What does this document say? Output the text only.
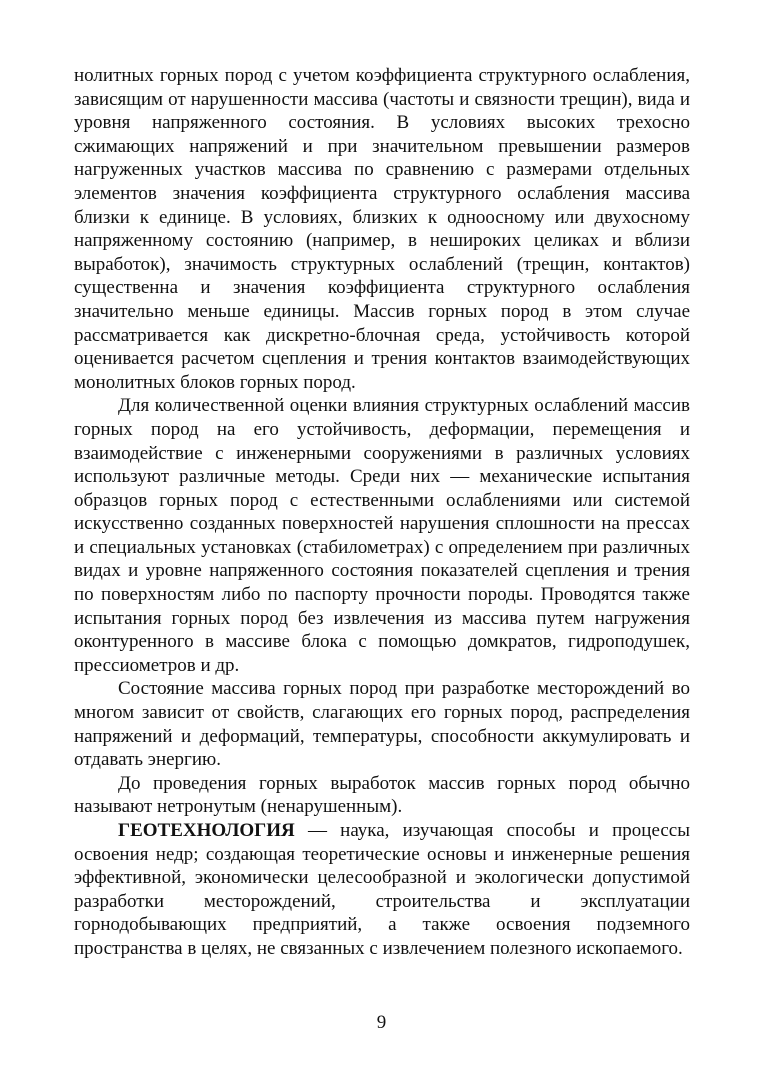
нолитных горных пород с учетом коэффициента структурного ослабления, зависящим от нарушенности массива (частоты и связности трещин), вида и уровня напряженного состояния. В условиях высоких трехосно сжимающих напряжений и при значительном превышении размеров нагруженных участков массива по сравнению с размерами отдельных элементов значения коэффициента структурного ослабления массива близки к единице. В условиях, близких к одноосному или двухосному напряженному состоянию (например, в неширoких целиках и вблизи выработок), значимость структурных ослаблений (трещин, контактов) существенна и значения коэффициента структурного ослабления значительно меньше единицы. Массив горных пород в этом случае рассматривается как дискретно-блочная среда, устойчивость которой оценивается расчетом сцепления и трения контактов взаимодействующих монолитных блоков горных пород.

Для количественной оценки влияния структурных ослаблений массив горных пород на его устойчивость, деформации, перемещения и взаимодействие с инженерными сооружениями в различных условиях используют различные методы. Среди них — механические испытания образцов горных пород с естественными ослаблениями или системой искусственно созданных поверхностей нарушения сплошности на прессах и специальных установках (стабилометрах) с определением при различных видах и уровне напряженного состояния показателей сцепления и трения по поверхностям либо по паспорту прочности породы. Проводятся также испытания горных пород без извлечения из массива путем нагружения оконтуренного в массиве блока с помощью домкратов, гидроподушек, прессиометров и др.

Состояние массива горных пород при разработке месторождений во многом зависит от свойств, слагающих его горных пород, распределения напряжений и деформаций, температуры, способности аккумулировать и отдавать энергию.

До проведения горных выработок массив горных пород обычно называют нетронутым (ненарушенным).

ГЕОТЕХНОЛОГИЯ — наука, изучающая способы и процессы освоения недр; создающая теоретические основы и инженерные решения эффективной, экономически целесообразной и экологически допустимой разработки месторождений, строительства и эксплуатации горнодобывающих предприятий, а также освоения подземного пространства в целях, не связанных с извлечением полезного ископаемого.

9
